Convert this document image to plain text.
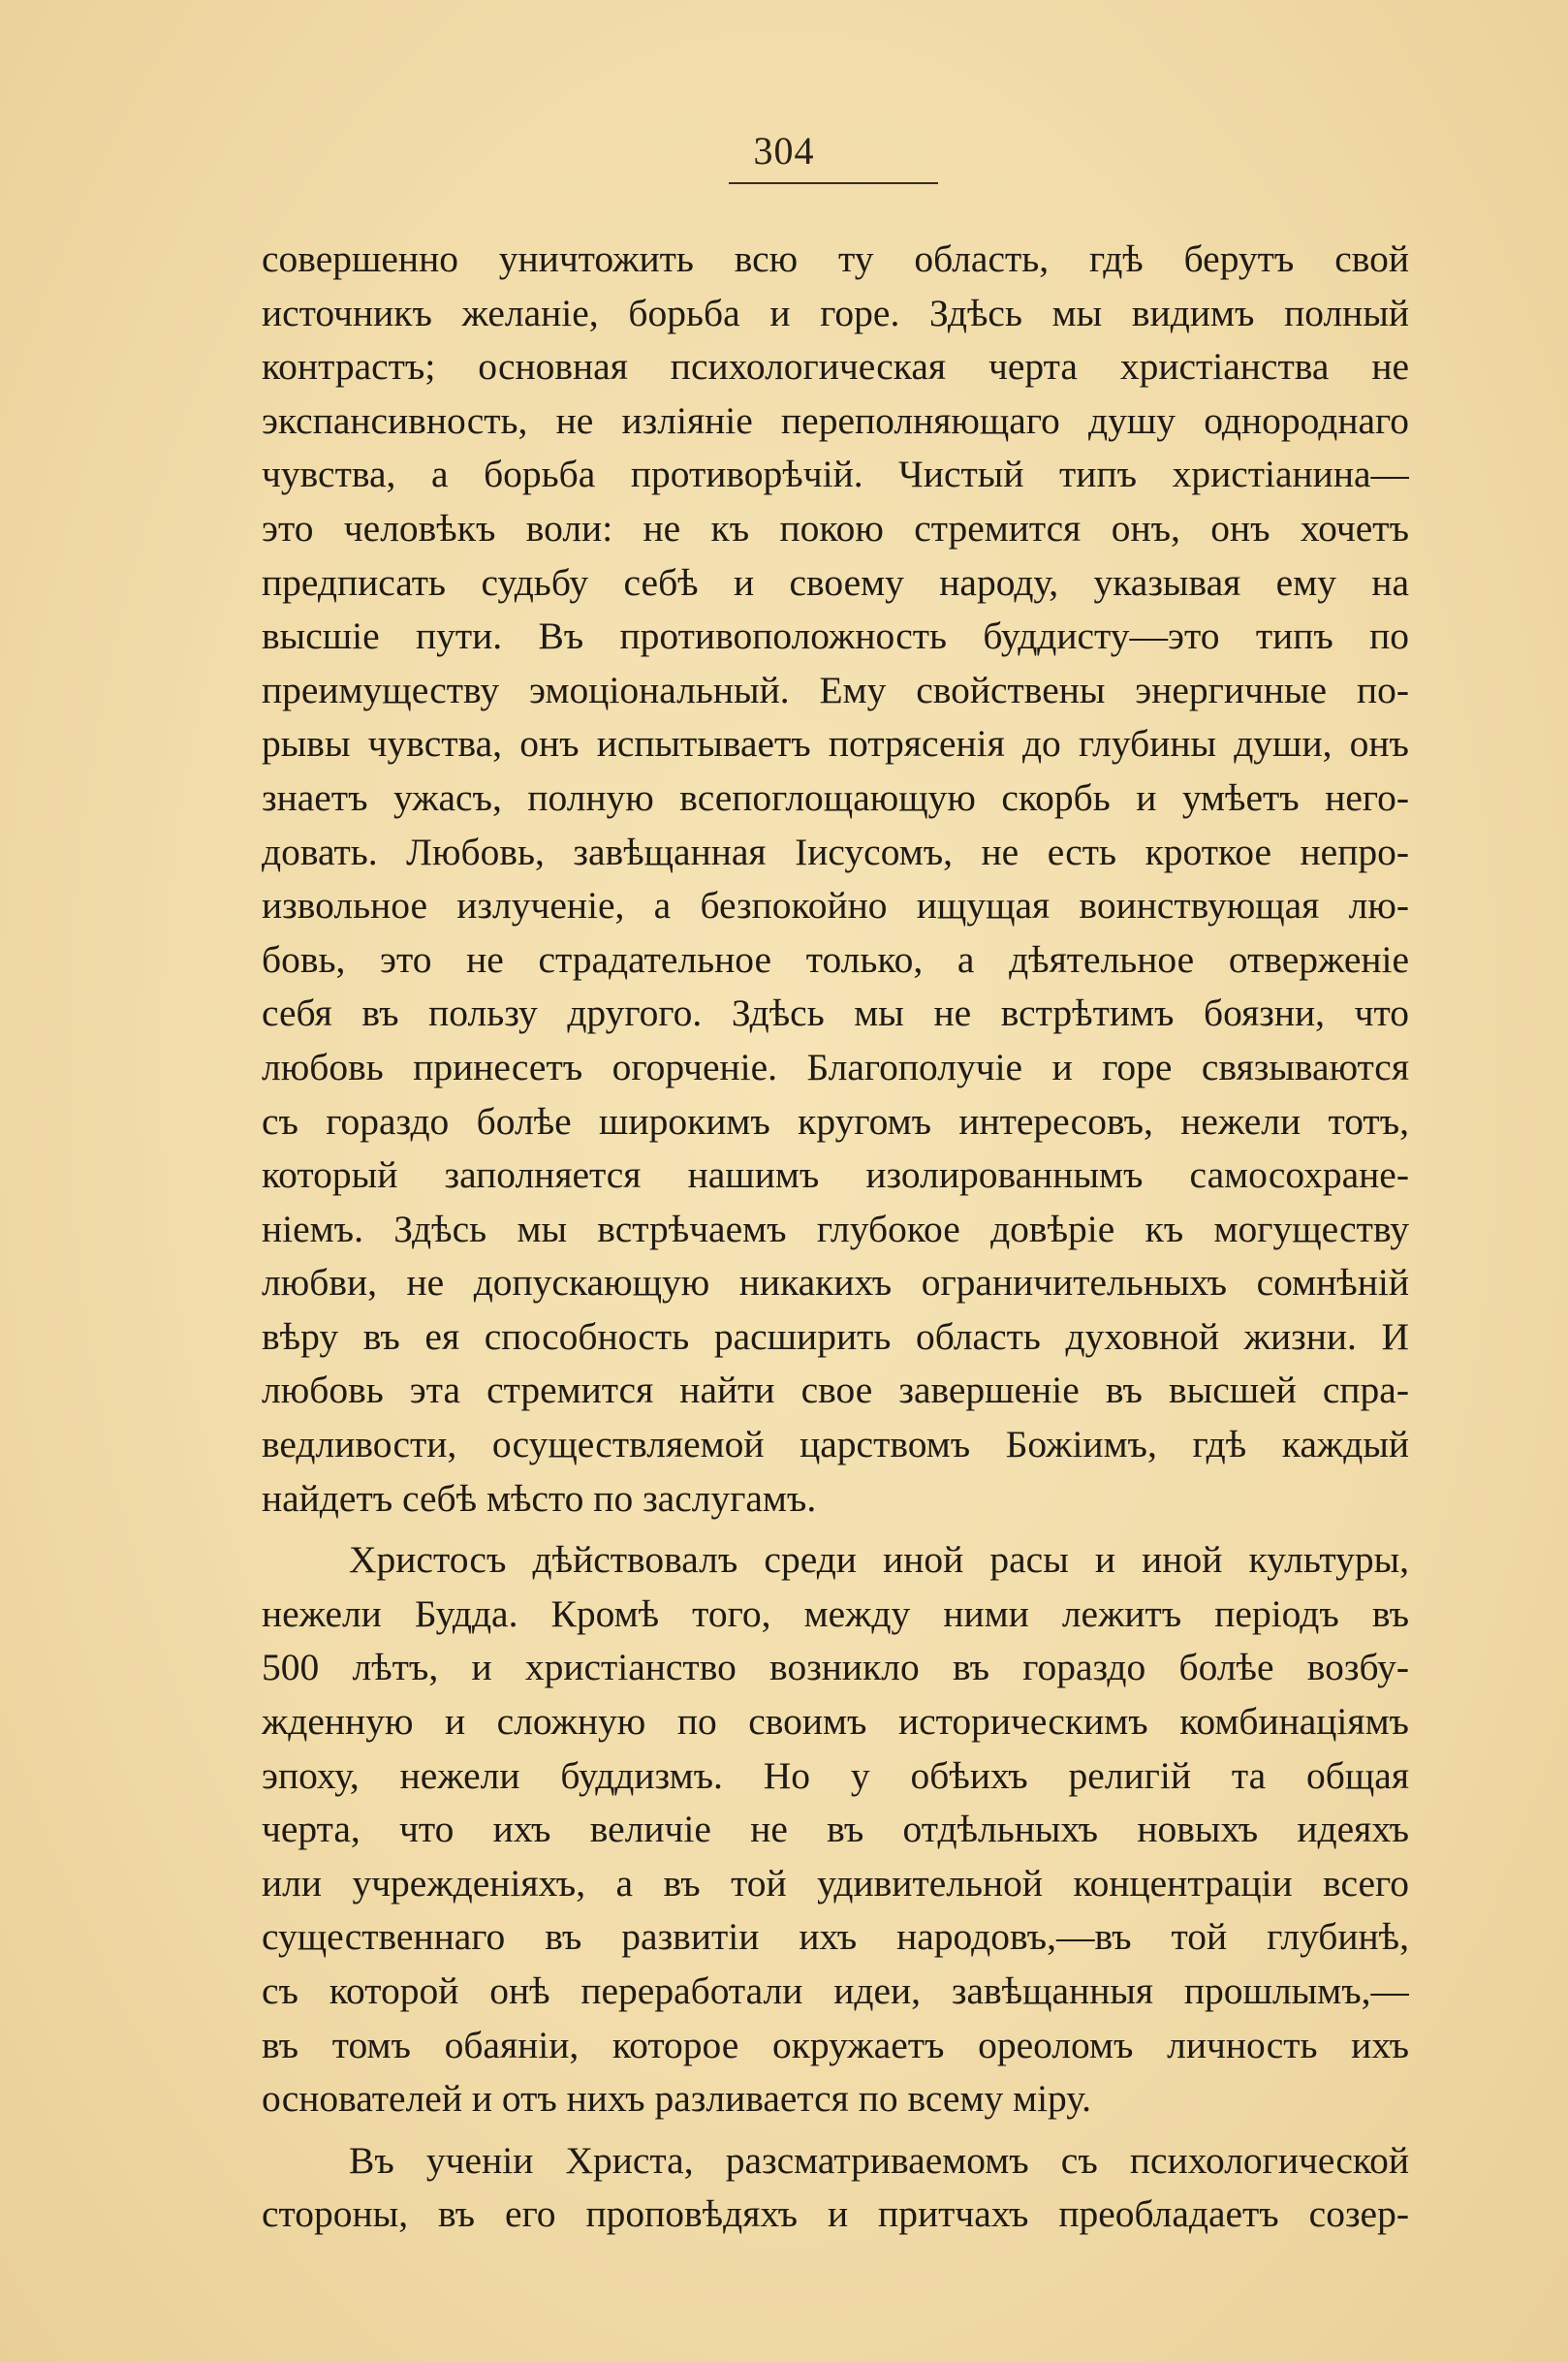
304
совершенно уничтожить всю ту область, гдѣ берутъ свой
источникъ желаніе, борьба и горе. Здѣсь мы видимъ полный
контрастъ; основная психологическая черта христіанства не
экспансивность, не изліяніе переполняющаго душу однороднаго
чувства, а борьба противорѣчій. Чистый типъ христіанина—
это человѣкъ воли: не къ покою стремится онъ, онъ хочетъ
предписать судьбу себѣ и своему народу, указывая ему на
высшіе пути. Въ противоположность буддисту—это типъ по
преимуществу эмоціональный. Ему свойствены энергичные по-
рывы чувства, онъ испытываетъ потрясенія до глубины души, онъ
знаетъ ужасъ, полную всепоглощающую скорбь и умѣетъ него-
довать. Любовь, завѣщанная Іисусомъ, не есть кроткое непро-
извольное излученіе, а безпокойно ищущая воинствующая лю-
бовь, это не страдательное только, а дѣятельное отверженіе
себя въ пользу другого. Здѣсь мы не встрѣтимъ боязни, что
любовь принесетъ огорченіе. Благополучіе и горе связываются
съ гораздо болѣе широкимъ кругомъ интересовъ, нежели тотъ,
который заполняется нашимъ изолированнымъ самосохране-
ніемъ. Здѣсь мы встрѣчаемъ глубокое довѣріе къ могуществу
любви, не допускающую никакихъ ограничительныхъ сомнѣній
вѣру въ ея способность расширить область духовной жизни. И
любовь эта стремится найти свое завершеніе въ высшей спра-
ведливости, осуществляемой царствомъ Божіимъ, гдѣ каждый
найдетъ себѣ мѣсто по заслугамъ.
Христосъ дѣйствовалъ среди иной расы и иной культуры,
нежели Будда. Кромѣ того, между ними лежитъ періодъ въ
500 лѣтъ, и христіанство возникло въ гораздо болѣе возбу-
жденную и сложную по своимъ историческимъ комбинаціямъ
эпоху, нежели буддизмъ. Но у обѣихъ религій та общая
черта, что ихъ величіе не въ отдѣльныхъ новыхъ идеяхъ
или учрежденіяхъ, а въ той удивительной концентраціи всего
существеннаго въ развитіи ихъ народовъ,—въ той глубинѣ,
съ которой онѣ переработали идеи, завѣщанныя прошлымъ,—
въ томъ обаяніи, которое окружаетъ ореоломъ личность ихъ
основателей и отъ нихъ разливается по всему міру.
Въ ученіи Христа, разсматриваемомъ съ психологической
стороны, въ его проповѣдяхъ и притчахъ преобладаетъ созер-
